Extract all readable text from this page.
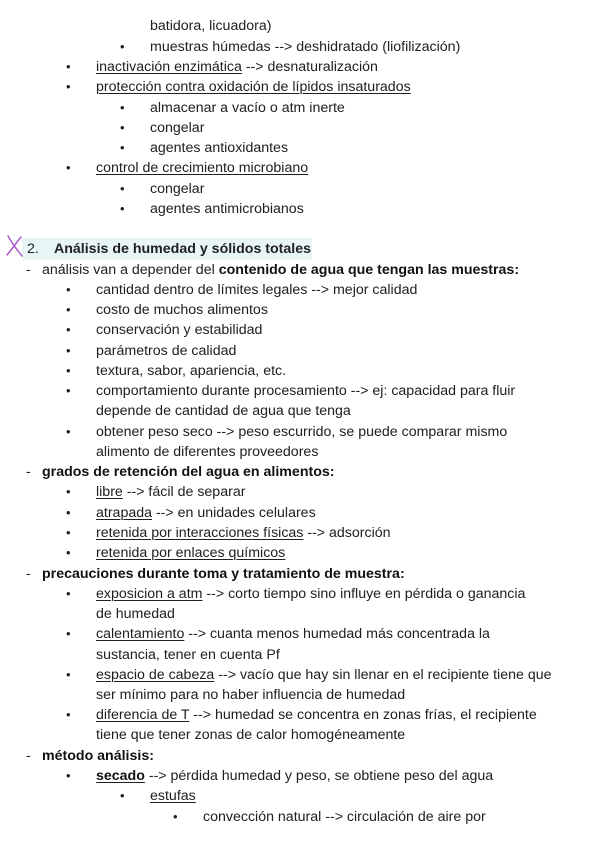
batidora, licuadora)
•	muestras húmedas --> deshidratado (liofilización)
•	inactivación enzimática --> desnaturalización
•	protección contra oxidación de lípidos insaturados
•	almacenar a vacío o atm inerte
•	congelar
•	agentes antioxidantes
•	control de crecimiento microbiano
•	congelar
•	agentes antimicrobianos
2. Análisis de humedad y sólidos totales
- análisis van a depender del contenido de agua que tengan las muestras:
•	cantidad dentro de límites legales --> mejor calidad
•	costo de muchos alimentos
•	conservación y estabilidad
•	parámetros de calidad
•	textura, sabor, apariencia, etc.
•	comportamiento durante procesamiento --> ej: capacidad para fluir
depende de cantidad de agua que tenga
•	obtener peso seco --> peso escurrido, se puede comparar mismo
alimento de diferentes proveedores
- grados de retención del agua en alimentos:
•	libre --> fácil de separar
•	atrapada --> en unidades celulares
•	retenida por interacciones físicas --> adsorción
•	retenida por enlaces químicos
- precauciones durante toma y tratamiento de muestra:
•	exposicion a atm --> corto tiempo sino influye en pérdida o ganancia
de humedad
•	calentamiento --> cuanta menos humedad más concentrada la
sustancia, tener en cuenta Pf
•	espacio de cabeza --> vacío que hay sin llenar en el recipiente tiene que
ser mínimo para no haber influencia de humedad
•	diferencia de T --> humedad se concentra en zonas frías, el recipiente
tiene que tener zonas de calor homogéneamente
- método análisis:
•	secado --> pérdida humedad y peso, se obtiene peso del agua
•	estufas
•	convección natural --> circulación de aire por
